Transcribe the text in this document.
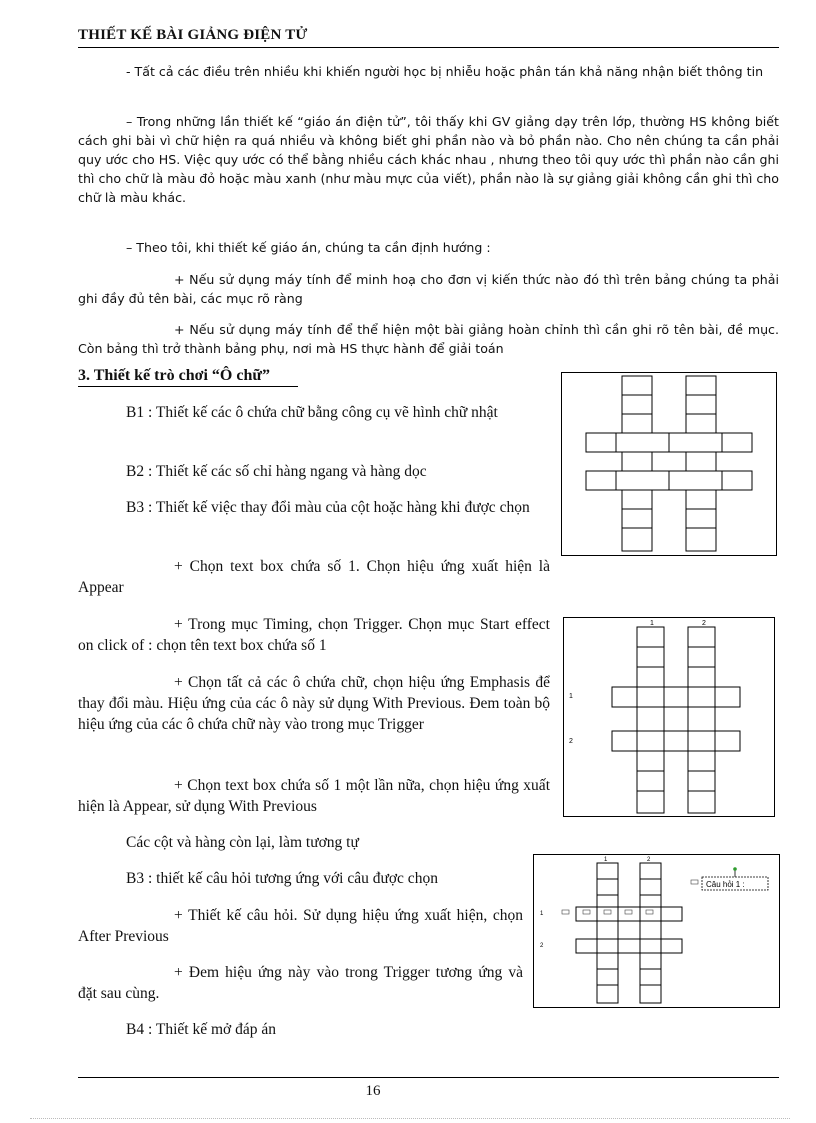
THIẾT KẾ BÀI GIẢNG ĐIỆN TỬ
- Tất cả các điều trên nhiều khi khiến người học bị nhiễu hoặc phân tán khả năng nhận biết thông tin
– Trong những lần thiết kế “giáo án điện tử”, tôi thấy khi GV giảng dạy trên lớp, thường HS không biết cách ghi bài vì chữ hiện ra quá nhiều và không biết ghi phần nào và bỏ phần nào. Cho nên chúng ta cần phải quy ước cho HS. Việc quy ước có thể bằng nhiều cách khác nhau , nhưng theo tôi quy ước thì phần nào cần ghi thì cho chữ là màu đỏ hoặc màu xanh (như màu mực của viết), phần nào là sự giảng giải không cần ghi thì cho chữ là màu khác.
– Theo tôi, khi thiết kế giáo án, chúng ta cần định hướng :
+ Nếu sử dụng máy tính để minh hoạ cho đơn vị kiến thức nào đó thì trên bảng chúng ta phải ghi đầy đủ tên bài, các mục rõ ràng
+ Nếu sử dụng máy tính để thể hiện một bài giảng hoàn chỉnh thì cần ghi rõ tên bài, đề mục. Còn bảng thì trở thành bảng phụ, nơi mà HS thực hành để giải toán
3. Thiết kế trò chơi “Ô chữ”
B1 : Thiết kế các ô chứa chữ bằng công cụ vẽ hình chữ nhật
B2 : Thiết kế các số chỉ hàng ngang và hàng dọc
B3 : Thiết kế việc thay đổi màu của cột hoặc hàng khi được chọn
+ Chọn text box chứa số 1. Chọn hiệu ứng xuất hiện là Appear
+ Trong mục Timing, chọn Trigger. Chọn mục Start effect on click of : chọn tên text box chứa số 1
+ Chọn tất cả các ô chứa chữ, chọn hiệu ứng Emphasis để thay đổi màu. Hiệu ứng của các ô này sử dụng With Previous. Đem toàn bộ hiệu ứng của các ô chứa chữ này vào trong mục Trigger
+ Chọn text box chứa số 1 một lần nữa, chọn hiệu ứng xuất hiện là Appear, sử dụng With Previous
Các cột và hàng còn lại, làm tương tự
B3 : thiết kế câu hỏi tương ứng với câu được chọn
+ Thiết kế câu hỏi. Sử dụng hiệu ứng xuất hiện, chọn After Previous
+ Đem hiệu ứng này vào trong Trigger tương ứng và đặt sau cùng.
B4 : Thiết kế mở đáp án
1	2
1
2
1	2
1
2
Câu hỏi 1 :
16
